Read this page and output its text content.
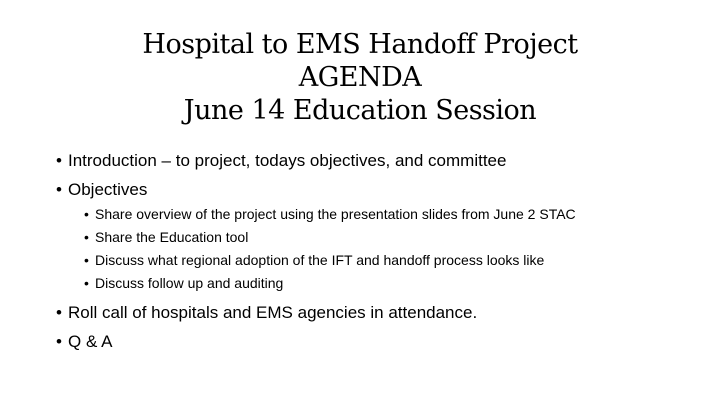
Hospital to EMS Handoff Project
AGENDA
June 14 Education Session
• Introduction – to project, todays objectives, and committee
• Objectives
• Share overview of the project using the presentation slides from June 2 STAC
• Share the Education tool
• Discuss what regional adoption of the IFT and handoff process looks like
• Discuss follow up and auditing
• Roll call of hospitals and EMS agencies in attendance.
• Q & A
